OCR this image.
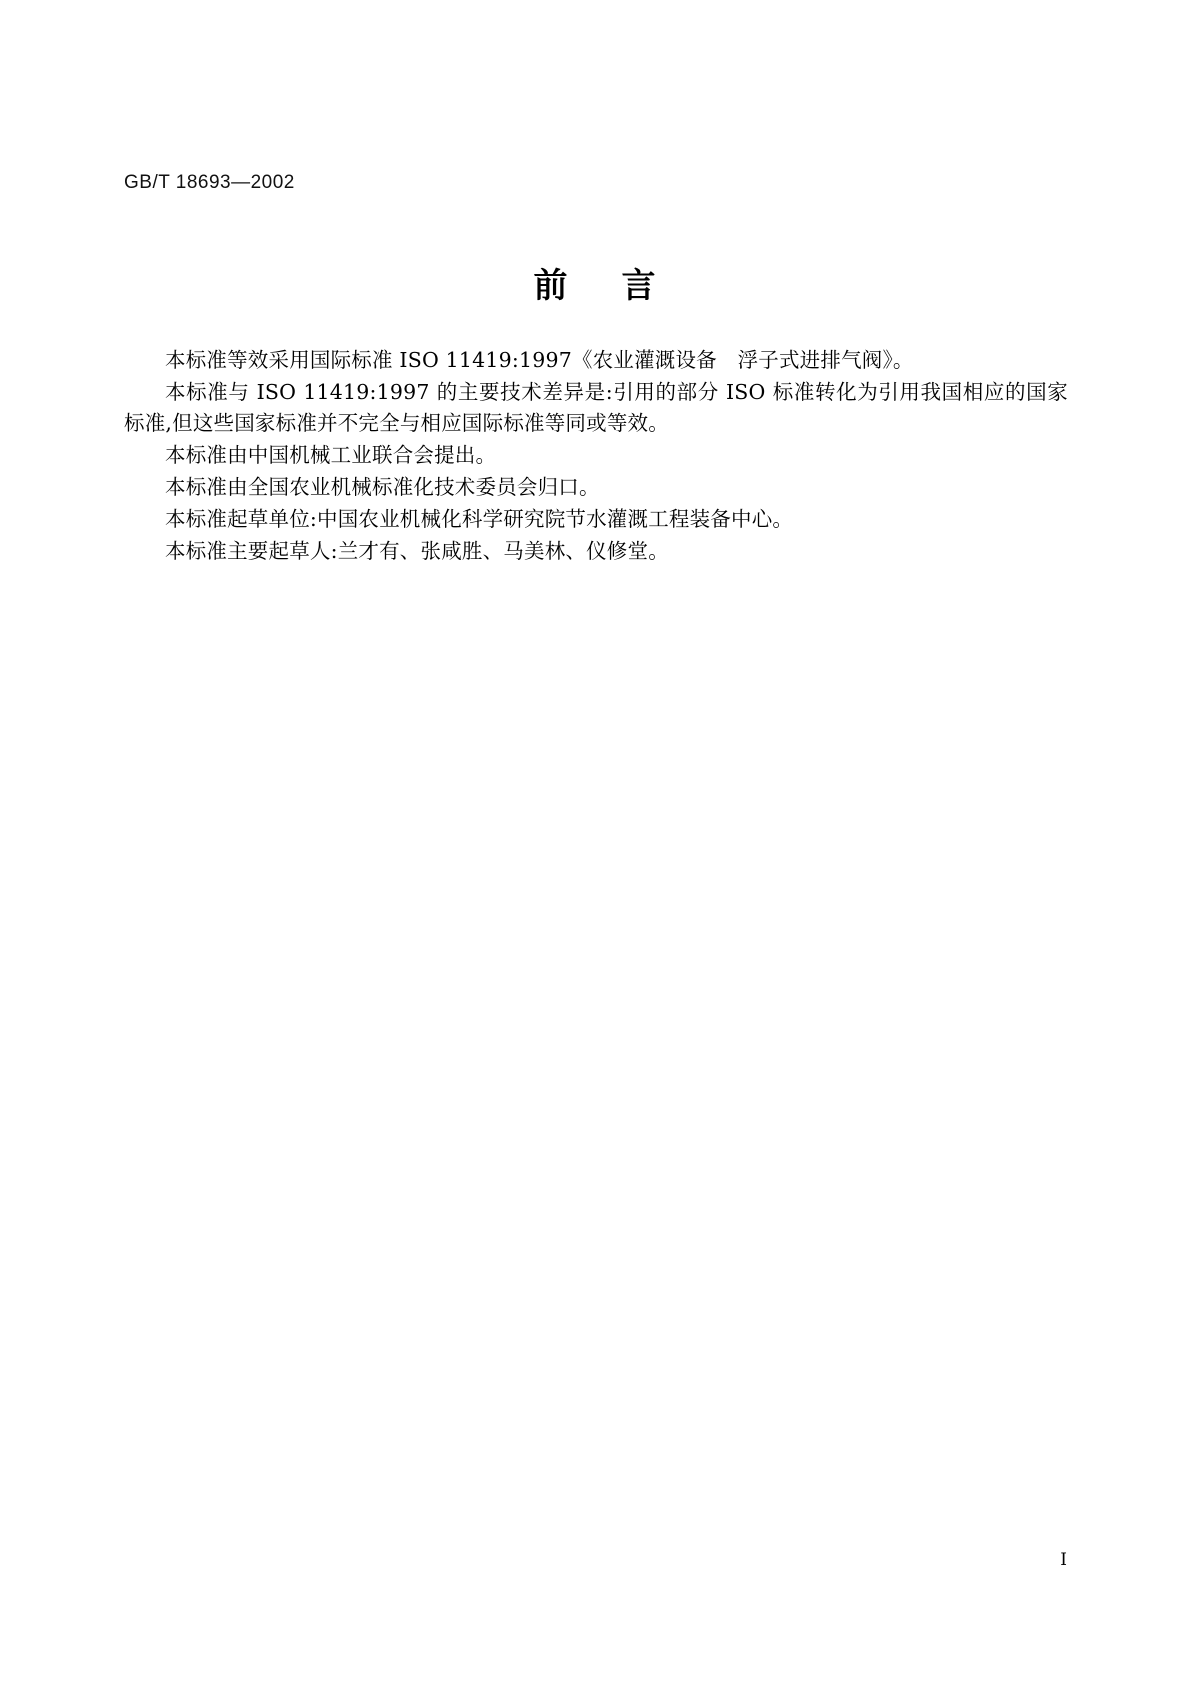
GB/T 18693—2002
前 言

本标准等效采用国际标准 ISO 11419:1997《农业灌溉设备　浮子式进排气阀》。

本标准与 ISO 11419:1997 的主要技术差异是:引用的部分 ISO 标准转化为引用我国相应的国家标准,但这些国家标准并不完全与相应国际标准等同或等效。

本标准由中国机械工业联合会提出。

本标准由全国农业机械标准化技术委员会归口。

本标准起草单位:中国农业机械化科学研究院节水灌溉工程装备中心。

本标准主要起草人:兰才有、张咸胜、马美林、仪修堂。

Ⅰ
